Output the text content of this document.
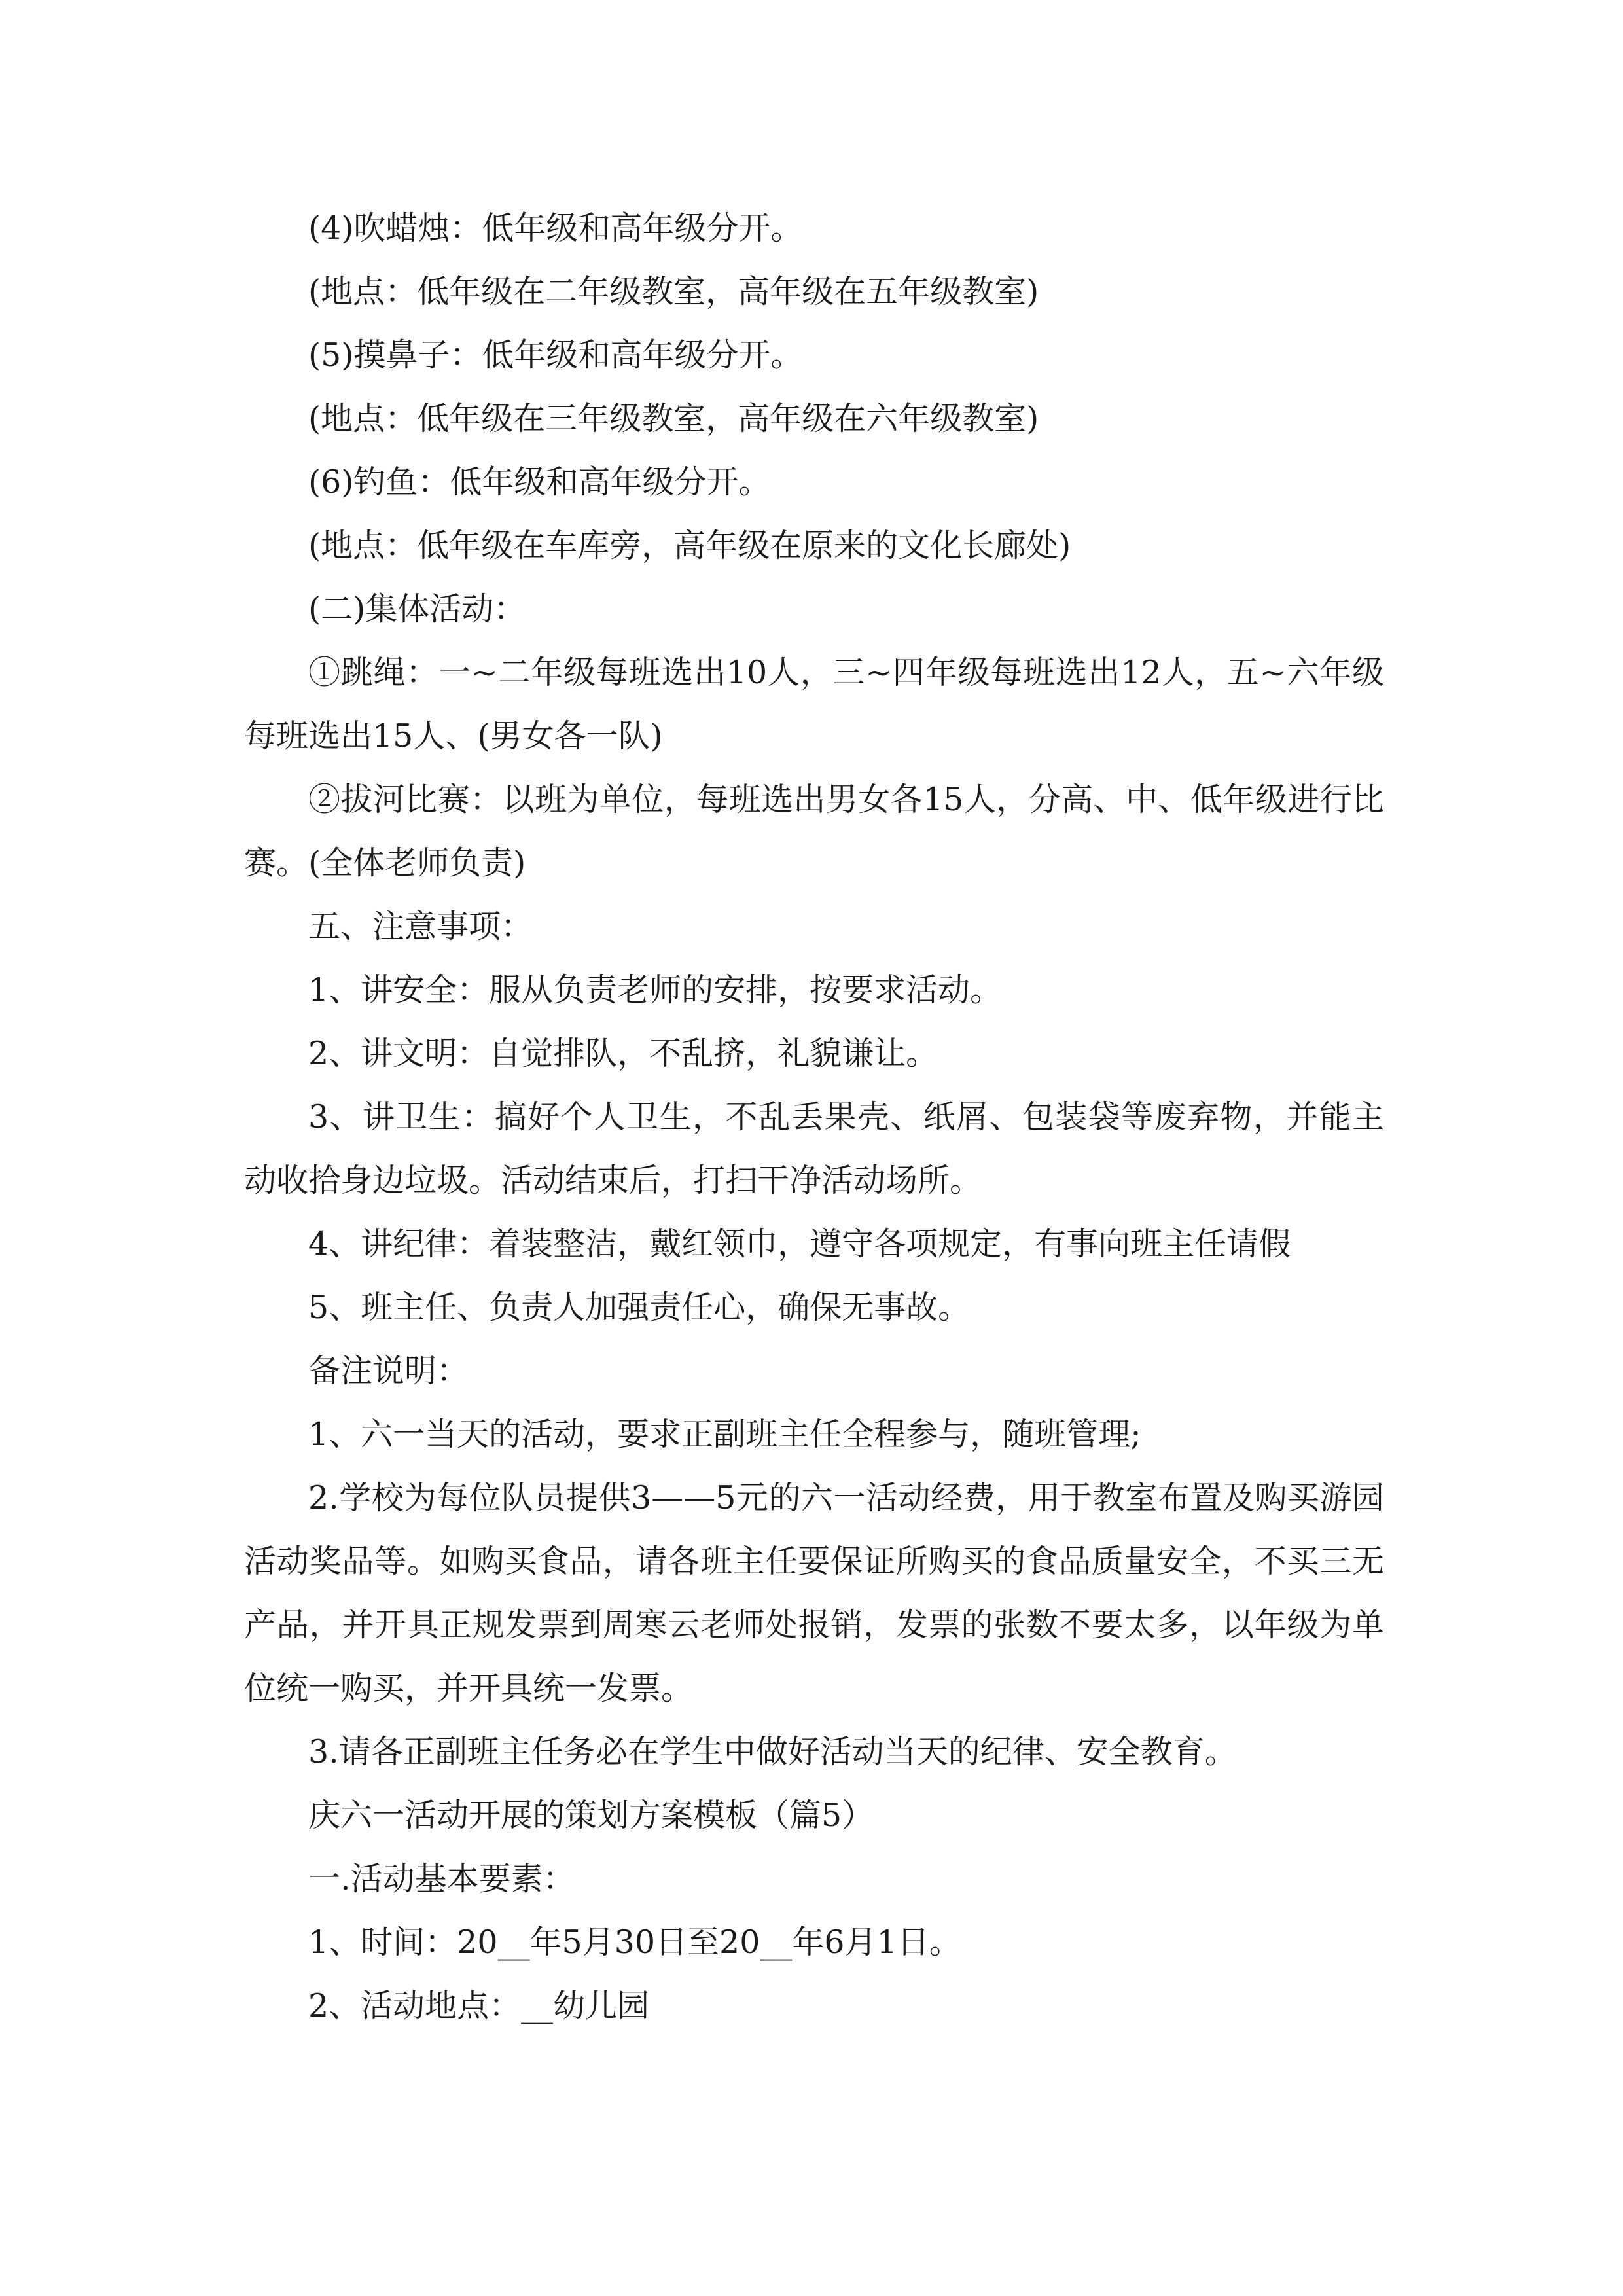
(4)吹蜡烛：低年级和高年级分开。

(地点：低年级在二年级教室，高年级在五年级教室)

(5)摸鼻子：低年级和高年级分开。

(地点：低年级在三年级教室，高年级在六年级教室)

(6)钓鱼：低年级和高年级分开。

(地点：低年级在车库旁，高年级在原来的文化长廊处)

(二)集体活动：

①跳绳：一~二年级每班选出10人，三~四年级每班选出12人，五~六年级每班选出15人、(男女各一队)

②拔河比赛：以班为单位，每班选出男女各15人，分高、中、低年级进行比赛。(全体老师负责)

五、注意事项：

1、讲安全：服从负责老师的安排，按要求活动。

2、讲文明：自觉排队，不乱挤，礼貌谦让。

3、讲卫生：搞好个人卫生，不乱丢果壳、纸屑、包装袋等废弃物，并能主动收拾身边垃圾。活动结束后，打扫干净活动场所。

4、讲纪律：着装整洁，戴红领巾，遵守各项规定，有事向班主任请假

5、班主任、负责人加强责任心，确保无事故。

备注说明：

1、六一当天的活动，要求正副班主任全程参与，随班管理;

2.学校为每位队员提供3——5元的六一活动经费，用于教室布置及购买游园活动奖品等。如购买食品，请各班主任要保证所购买的食品质量安全，不买三无产品，并开具正规发票到周寒云老师处报销，发票的张数不要太多，以年级为单位统一购买，并开具统一发票。

3.请各正副班主任务必在学生中做好活动当天的纪律、安全教育。

庆六一活动开展的策划方案模板（篇5）

一.活动基本要素：

1、时间：20__年5月30日至20__年6月1日。

2、活动地点：__幼儿园
